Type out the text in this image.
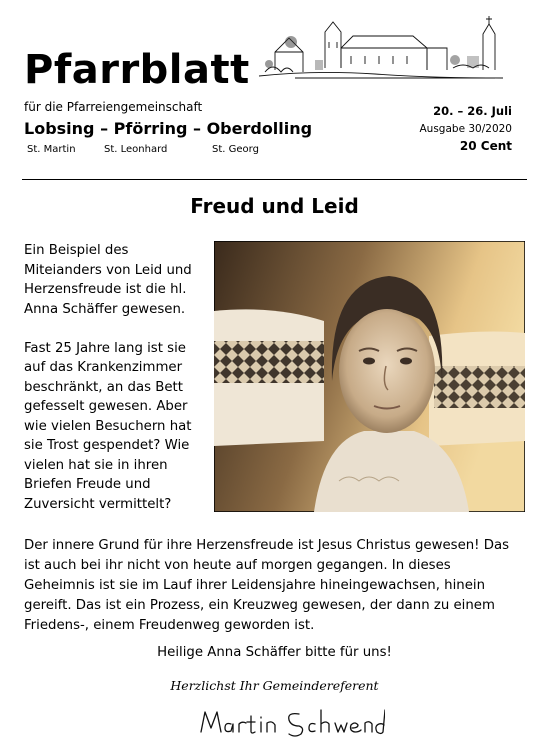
Pfarrblatt
für die Pfarreiengemeinschaft
Lobsing – Pförring – Oberdolling
St. Martin	St. Leonhard	St. Georg
20. – 26. Juli
Ausgabe 30/2020
20 Cent
Freud und Leid

Ein Beispiel des Miteianders von Leid und Herzensfreude ist die hl. Anna Schäffer gewesen.

Fast 25 Jahre lang ist sie auf das Krankenzimmer beschränkt, an das Bett gefesselt gewesen. Aber wie vielen Besuchern hat sie Trost gespendet? Wie vielen hat sie in ihren Briefen Freude und Zuversicht vermittelt?

Der innere Grund für ihre Herzensfreude ist Jesus Christus gewesen! Das ist auch bei ihr nicht von heute auf morgen gegangen. In dieses Geheimnis ist sie im Lauf ihrer Leidensjahre hineingewachsen, hinein gereift. Das ist ein Prozess, ein Kreuzweg gewesen, der dann zu einem Friedens-, einem Freudenweg geworden ist.

Heilige Anna Schäffer bitte für uns!
Herzlichst Ihr Gemeindereferent
